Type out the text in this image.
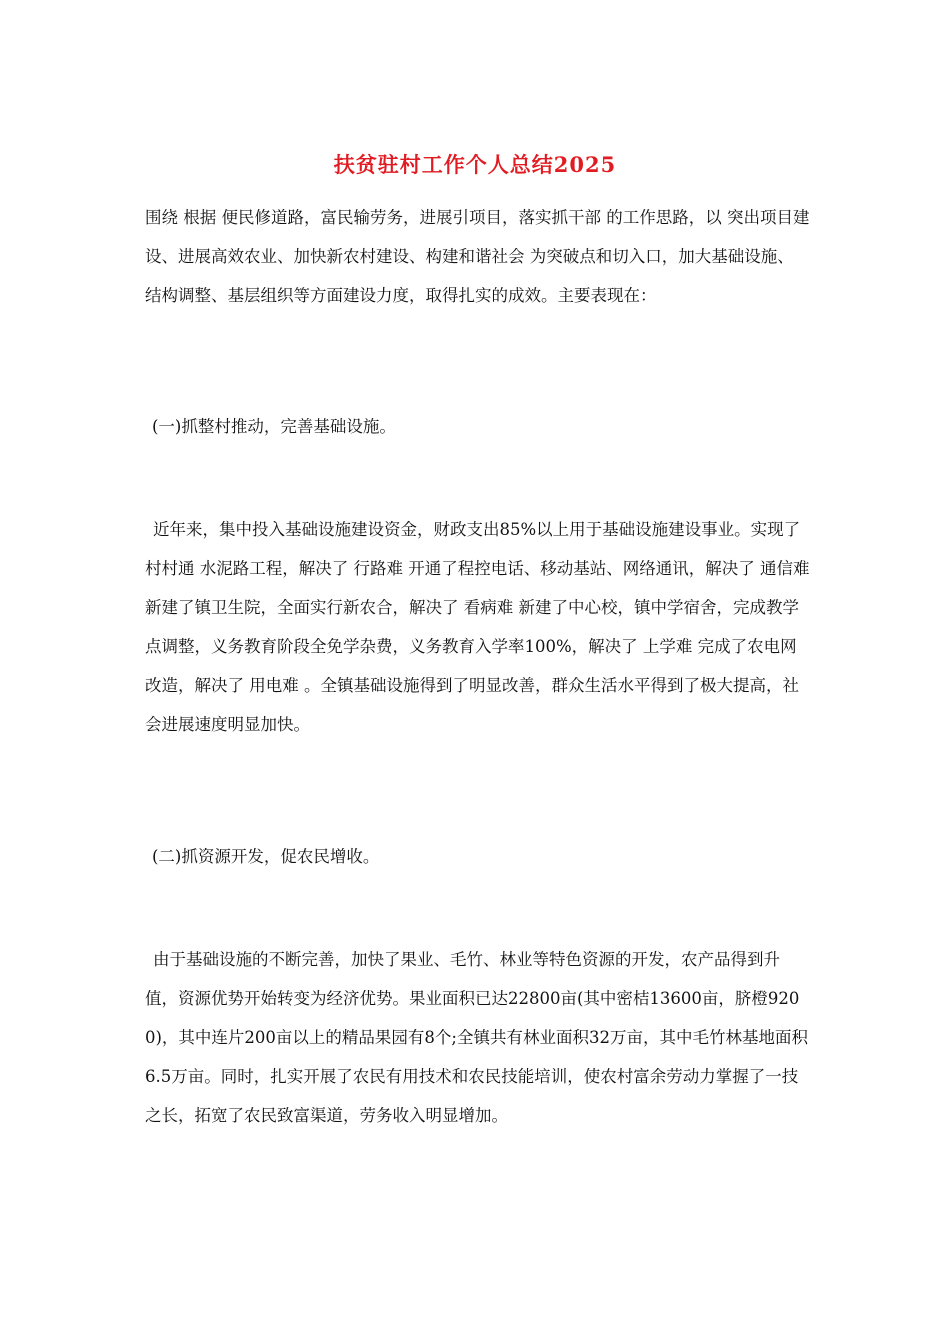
扶贫驻村工作个人总结2025

围绕 根据 便民修道路，富民输劳务，进展引项目，落实抓干部 的工作思路，以 突出项目建设、进展高效农业、加快新农村建设、构建和谐社会 为突破点和切入口，加大基础设施、结构调整、基层组织等方面建设力度，取得扎实的成效。主要表现在：

(一)抓整村推动，完善基础设施。

近年来，集中投入基础设施建设资金，财政支出85%以上用于基础设施建设事业。实现了 村村通 水泥路工程，解决了 行路难 开通了程控电话、移动基站、网络通讯，解决了 通信难 新建了镇卫生院，全面实行新农合，解决了 看病难 新建了中心校，镇中学宿舍，完成教学点调整，义务教育阶段全免学杂费，义务教育入学率100%，解决了 上学难 完成了农电网改造，解决了 用电难 。全镇基础设施得到了明显改善，群众生活水平得到了极大提高，社会进展速度明显加快。

(二)抓资源开发，促农民增收。

由于基础设施的不断完善，加快了果业、毛竹、林业等特色资源的开发，农产品得到升值，资源优势开始转变为经济优势。果业面积已达22800亩(其中密桔13600亩，脐橙9200)，其中连片200亩以上的精品果园有8个;全镇共有林业面积32万亩，其中毛竹林基地面积6.5万亩。同时，扎实开展了农民有用技术和农民技能培训，使农村富余劳动力掌握了一技之长，拓宽了农民致富渠道，劳务收入明显增加。
